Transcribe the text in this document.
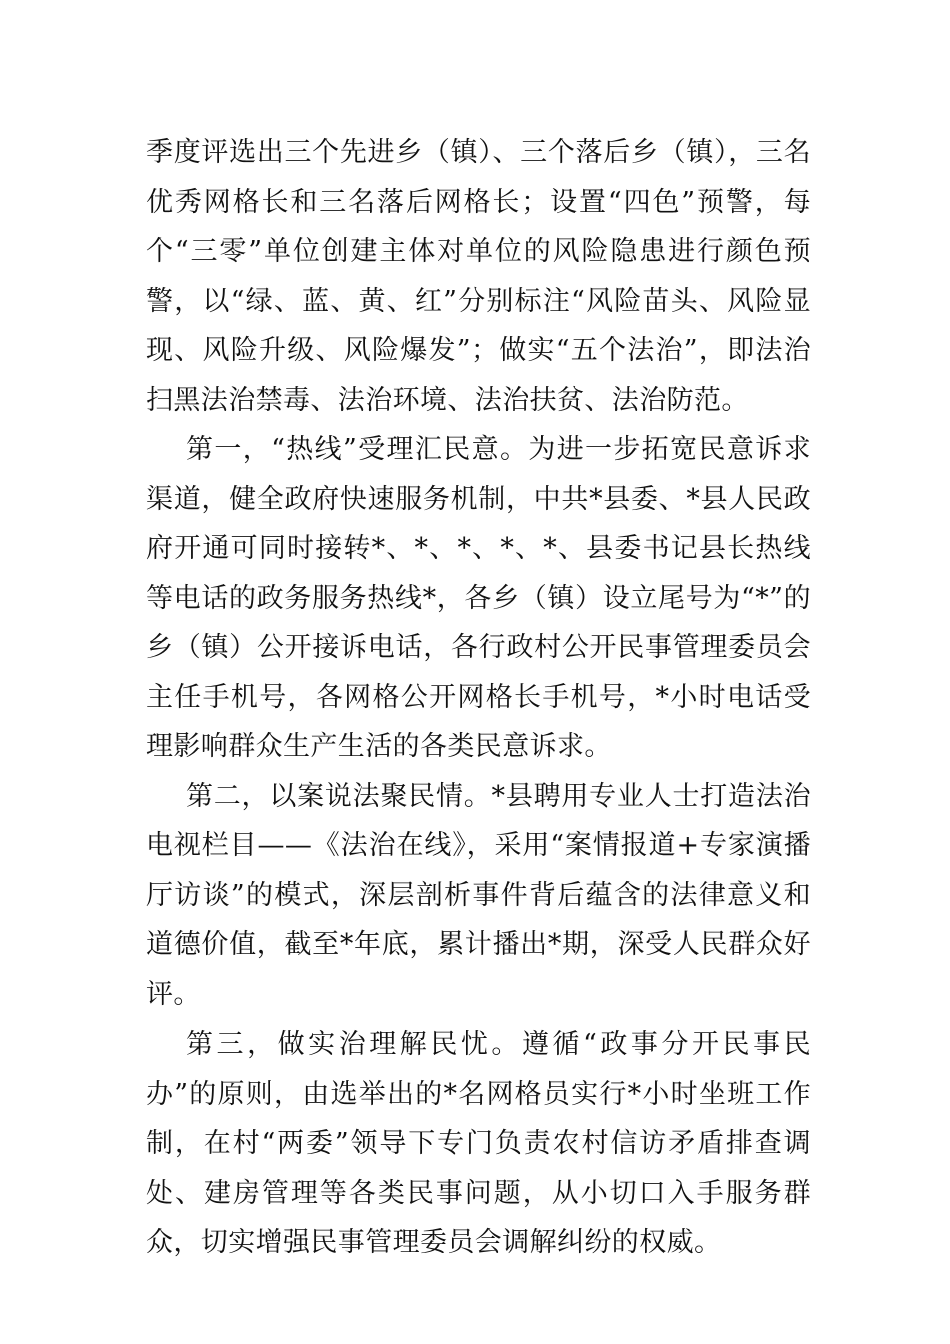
季度评选出三个先进乡（镇）、三个落后乡（镇），三名优秀网格长和三名落后网格长；设置“四色”预警，每个“三零”单位创建主体对单位的风险隐患进行颜色预警，以“绿、蓝、黄、红”分别标注“风险苗头、风险显现、风险升级、风险爆发”；做实“五个法治”，即法治扫黑法治禁毒、法治环境、法治扶贫、法治防范。

第一，“热线”受理汇民意。为进一步拓宽民意诉求渠道，健全政府快速服务机制，中共*县委、*县人民政府开通可同时接转*、*、*、*、*、县委书记县长热线等电话的政务服务热线*，各乡（镇）设立尾号为“*”的乡（镇）公开接诉电话，各行政村公开民事管理委员会主任手机号，各网格公开网格长手机号，*小时电话受理影响群众生产生活的各类民意诉求。

第二，以案说法聚民情。*县聘用专业人士打造法治电视栏目——《法治在线》，采用“案情报道+专家演播厅访谈”的模式，深层剖析事件背后蕴含的法律意义和道德价值，截至*年底，累计播出*期，深受人民群众好评。

第三，做实治理解民忧。遵循“政事分开民事民办”的原则，由选举出的*名网格员实行*小时坐班工作制，在村“两委”领导下专门负责农村信访矛盾排查调处、建房管理等各类民事问题，从小切口入手服务群众，切实增强民事管理委员会调解纠纷的权威。
